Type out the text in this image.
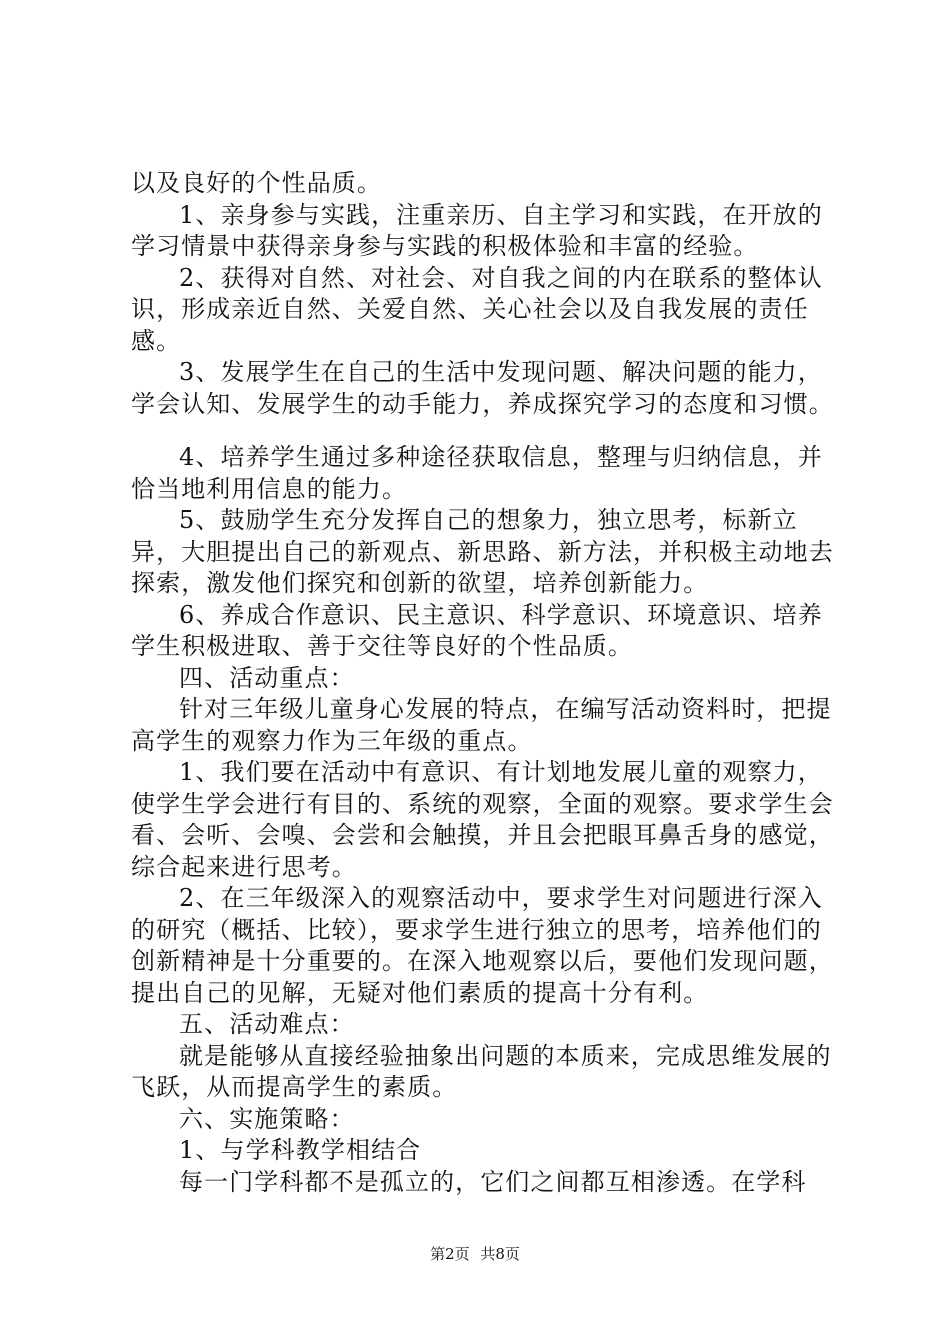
以及良好的个性品质。

1、亲身参与实践，注重亲历、自主学习和实践，在开放的学习情景中获得亲身参与实践的积极体验和丰富的经验。

2、获得对自然、对社会、对自我之间的内在联系的整体认识，形成亲近自然、关爱自然、关心社会以及自我发展的责任感。

3、发展学生在自己的生活中发现问题、解决问题的能力，学会认知、发展学生的动手能力，养成探究学习的态度和习惯。

4、培养学生通过多种途径获取信息，整理与归纳信息，并恰当地利用信息的能力。

5、鼓励学生充分发挥自己的想象力，独立思考，标新立异，大胆提出自己的新观点、新思路、新方法，并积极主动地去探索，激发他们探究和创新的欲望，培养创新能力。

6、养成合作意识、民主意识、科学意识、环境意识、培养学生积极进取、善于交往等良好的个性品质。

四、活动重点：

针对三年级儿童身心发展的特点，在编写活动资料时，把提高学生的观察力作为三年级的重点。

1、我们要在活动中有意识、有计划地发展儿童的观察力，使学生学会进行有目的、系统的观察，全面的观察。要求学生会看、会听、会嗅、会尝和会触摸，并且会把眼耳鼻舌身的感觉，综合起来进行思考。

2、在三年级深入的观察活动中，要求学生对问题进行深入的研究（概括、比较），要求学生进行独立的思考，培养他们的创新精神是十分重要的。在深入地观察以后，要他们发现问题，提出自己的见解，无疑对他们素质的提高十分有利。

五、活动难点：

就是能够从直接经验抽象出问题的本质来，完成思维发展的飞跃，从而提高学生的素质。

六、实施策略：

1、与学科教学相结合

每一门学科都不是孤立的，它们之间都互相渗透。在学科

第2页 共8页
